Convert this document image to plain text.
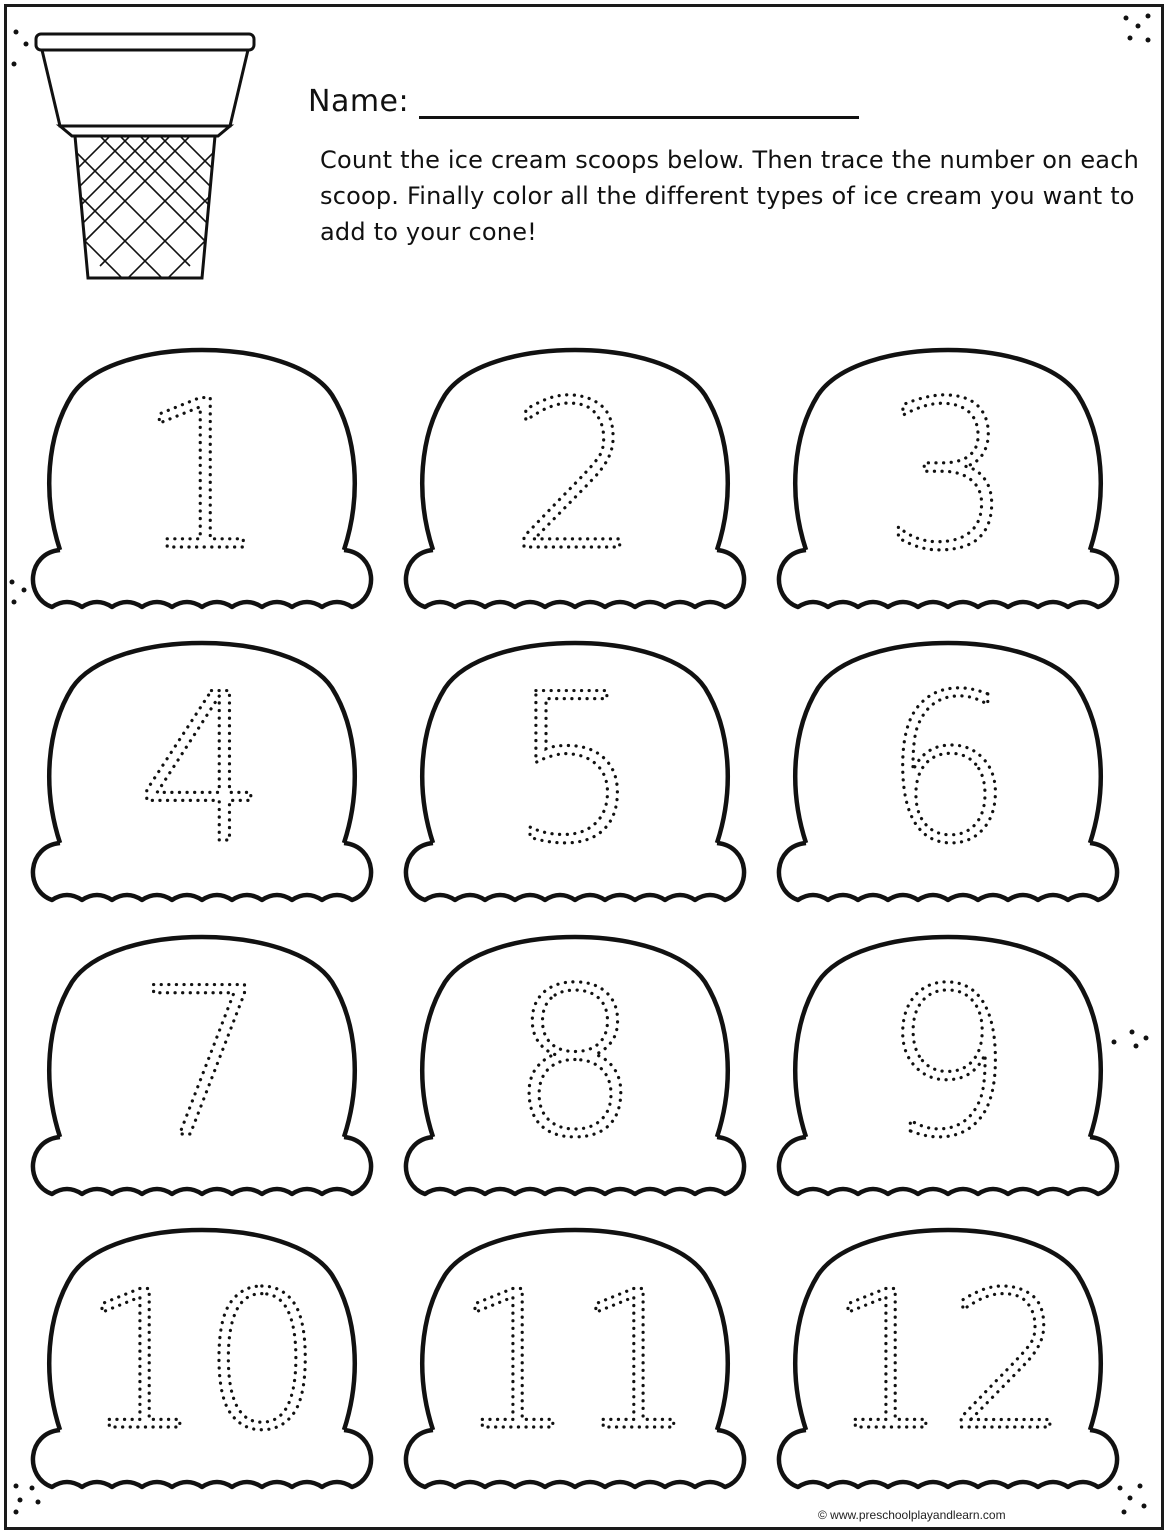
Name:
Count the ice cream scoops below. Then trace the number on each scoop. Finally color all the different types of ice cream you want to add to your cone!
1 2 3
4 5 6
7 8 9
10 11 12
© www.preschoolplayandlearn.com
